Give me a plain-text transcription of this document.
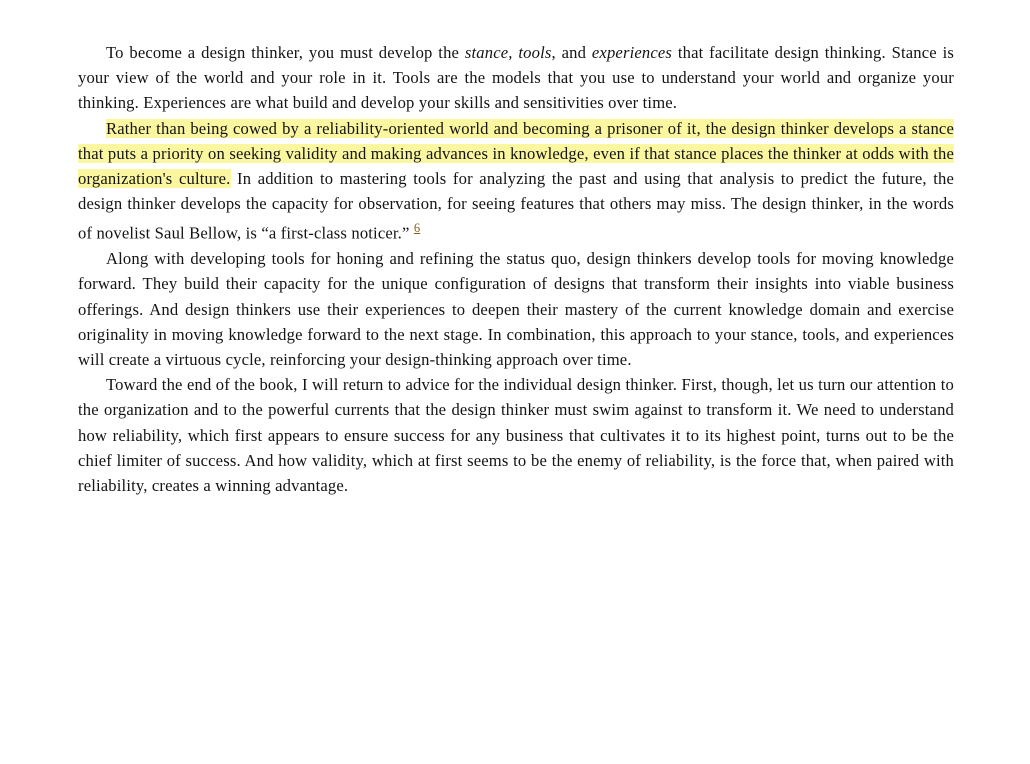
To become a design thinker, you must develop the stance, tools, and experiences that facilitate design thinking. Stance is your view of the world and your role in it. Tools are the models that you use to understand your world and organize your thinking. Experiences are what build and develop your skills and sensitivities over time.

Rather than being cowed by a reliability-oriented world and becoming a prisoner of it, the design thinker develops a stance that puts a priority on seeking validity and making advances in knowledge, even if that stance places the thinker at odds with the organization's culture. In addition to mastering tools for analyzing the past and using that analysis to predict the future, the design thinker develops the capacity for observation, for seeing features that others may miss. The design thinker, in the words of novelist Saul Bellow, is “a first-class noticer.” $^6$

Along with developing tools for honing and refining the status quo, design thinkers develop tools for moving knowledge forward. They build their capacity for the unique configuration of designs that transform their insights into viable business offerings. And design thinkers use their experiences to deepen their mastery of the current knowledge domain and exercise originality in moving knowledge forward to the next stage. In combination, this approach to your stance, tools, and experiences will create a virtuous cycle, reinforcing your design-thinking approach over time.

Toward the end of the book, I will return to advice for the individual design thinker. First, though, let us turn our attention to the organization and to the powerful currents that the design thinker must swim against to transform it. We need to understand how reliability, which first appears to ensure success for any business that cultivates it to its highest point, turns out to be the chief limiter of success. And how validity, which at first seems to be the enemy of reliability, is the force that, when paired with reliability, creates a winning advantage.
